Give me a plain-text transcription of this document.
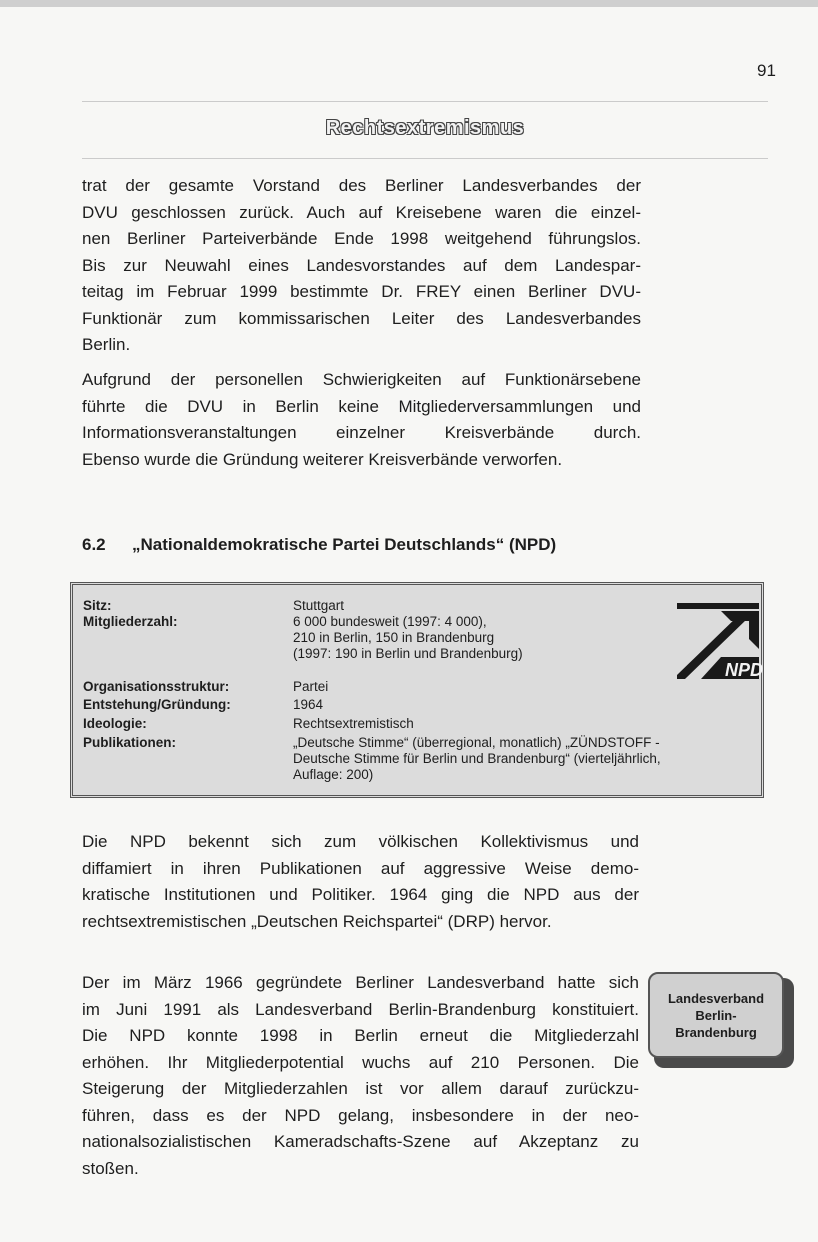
91
Rechtsextremismus
trat der gesamte Vorstand des Berliner Landesverbandes der
DVU geschlossen zurück. Auch auf Kreisebene waren die einzel-
nen Berliner Parteiverbände Ende 1998 weitgehend führungslos.
Bis zur Neuwahl eines Landesvorstandes auf dem Landespar-
teitag im Februar 1999 bestimmte Dr. FREY einen Berliner DVU-
Funktionär zum kommissarischen Leiter des Landesverbandes
Berlin.
Aufgrund der personellen Schwierigkeiten auf Funktionärsebene
führte die DVU in Berlin keine Mitgliederversammlungen und
Informationsveranstaltungen einzelner Kreisverbände durch.
Ebenso wurde die Gründung weiterer Kreisverbände verworfen.
6.2 „Nationaldemokratische Partei Deutschlands“ (NPD)
Sitz:	Stuttgart
Mitgliederzahl:	6 000 bundesweit (1997: 4 000),
210 in Berlin, 150 in Brandenburg
(1997: 190 in Berlin und Brandenburg)
Organisationsstruktur:	Partei
Entstehung/Gründung:	1964
Ideologie:	Rechtsextremistisch
Publikationen:	„Deutsche Stimme“ (überregional, monatlich) „ZÜNDSTOFF -
Deutsche Stimme für Berlin und Brandenburg“ (vierteljährlich,
Auflage: 200)
NPD
Die NPD bekennt sich zum völkischen Kollektivismus und
diffamiert in ihren Publikationen auf aggressive Weise demo-
kratische Institutionen und Politiker. 1964 ging die NPD aus der
rechtsextremistischen „Deutschen Reichspartei“ (DRP) hervor.
Der im März 1966 gegründete Berliner Landesverband hatte sich
im Juni 1991 als Landesverband Berlin-Brandenburg konstituiert.
Die NPD konnte 1998 in Berlin erneut die Mitgliederzahl
erhöhen. Ihr Mitgliederpotential wuchs auf 210 Personen. Die
Steigerung der Mitgliederzahlen ist vor allem darauf zurückzu-
führen, dass es der NPD gelang, insbesondere in der neo-
nationalsozialistischen Kameradschafts-Szene auf Akzeptanz zu
stoßen.
Landesverband
Berlin-
Brandenburg
